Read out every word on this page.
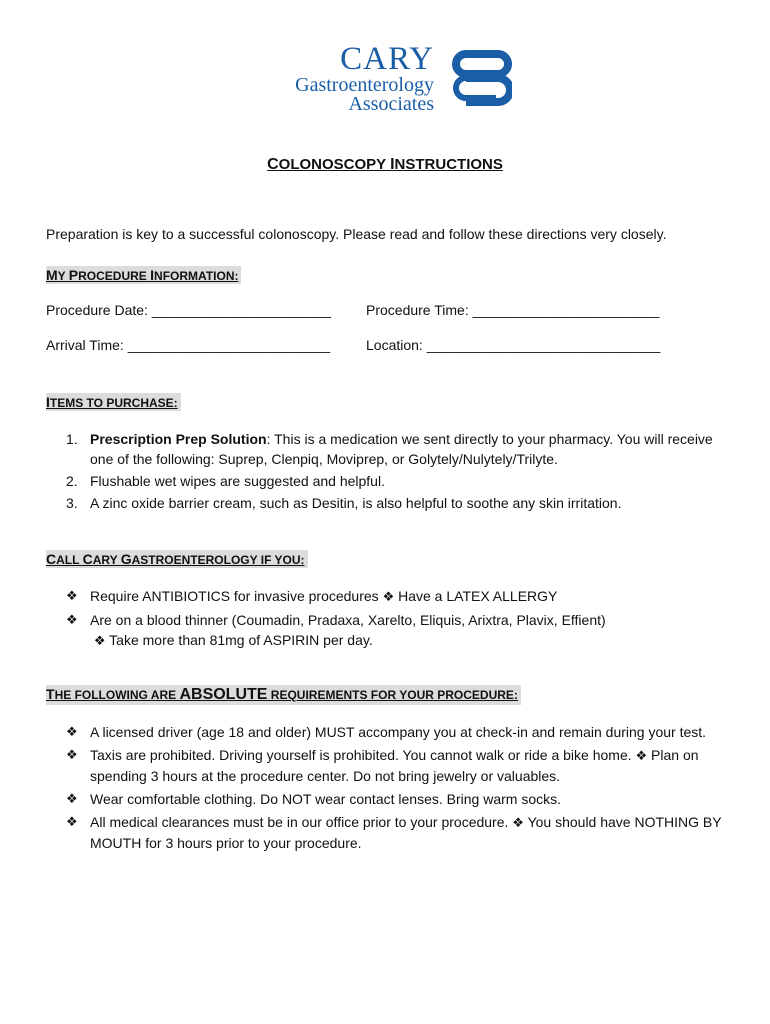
CARY
Gastroenterology
Associates
COLONOSCOPY INSTRUCTIONS
Preparation is key to a successful colonoscopy. Please read and follow these directions very closely.
MY PROCEDURE INFORMATION:
Procedure Date: _______________________	Procedure Time: ________________________
Arrival Time: __________________________	Location: ______________________________
ITEMS TO PURCHASE:
1. Prescription Prep Solution: This is a medication we sent directly to your pharmacy. You will receive one of the following: Suprep, Clenpiq, Moviprep, or Golytely/Nulytely/Trilyte.
2. Flushable wet wipes are suggested and helpful.
3. A zinc oxide barrier cream, such as Desitin, is also helpful to soothe any skin irritation.
CALL CARY GASTROENTEROLOGY IF YOU:
❖ Require ANTIBIOTICS for invasive procedures ❖ Have a LATEX ALLERGY
❖ Are on a blood thinner (Coumadin, Pradaxa, Xarelto, Eliquis, Arixtra, Plavix, Effient)
❖ Take more than 81mg of ASPIRIN per day.
THE FOLLOWING ARE ABSOLUTE REQUIREMENTS FOR YOUR PROCEDURE:
❖ A licensed driver (age 18 and older) MUST accompany you at check-in and remain during your test.
❖ Taxis are prohibited. Driving yourself is prohibited. You cannot walk or ride a bike home. ❖ Plan on spending 3 hours at the procedure center. Do not bring jewelry or valuables.
❖ Wear comfortable clothing. Do NOT wear contact lenses. Bring warm socks.
❖ All medical clearances must be in our office prior to your procedure. ❖ You should have NOTHING BY MOUTH for 3 hours prior to your procedure.
